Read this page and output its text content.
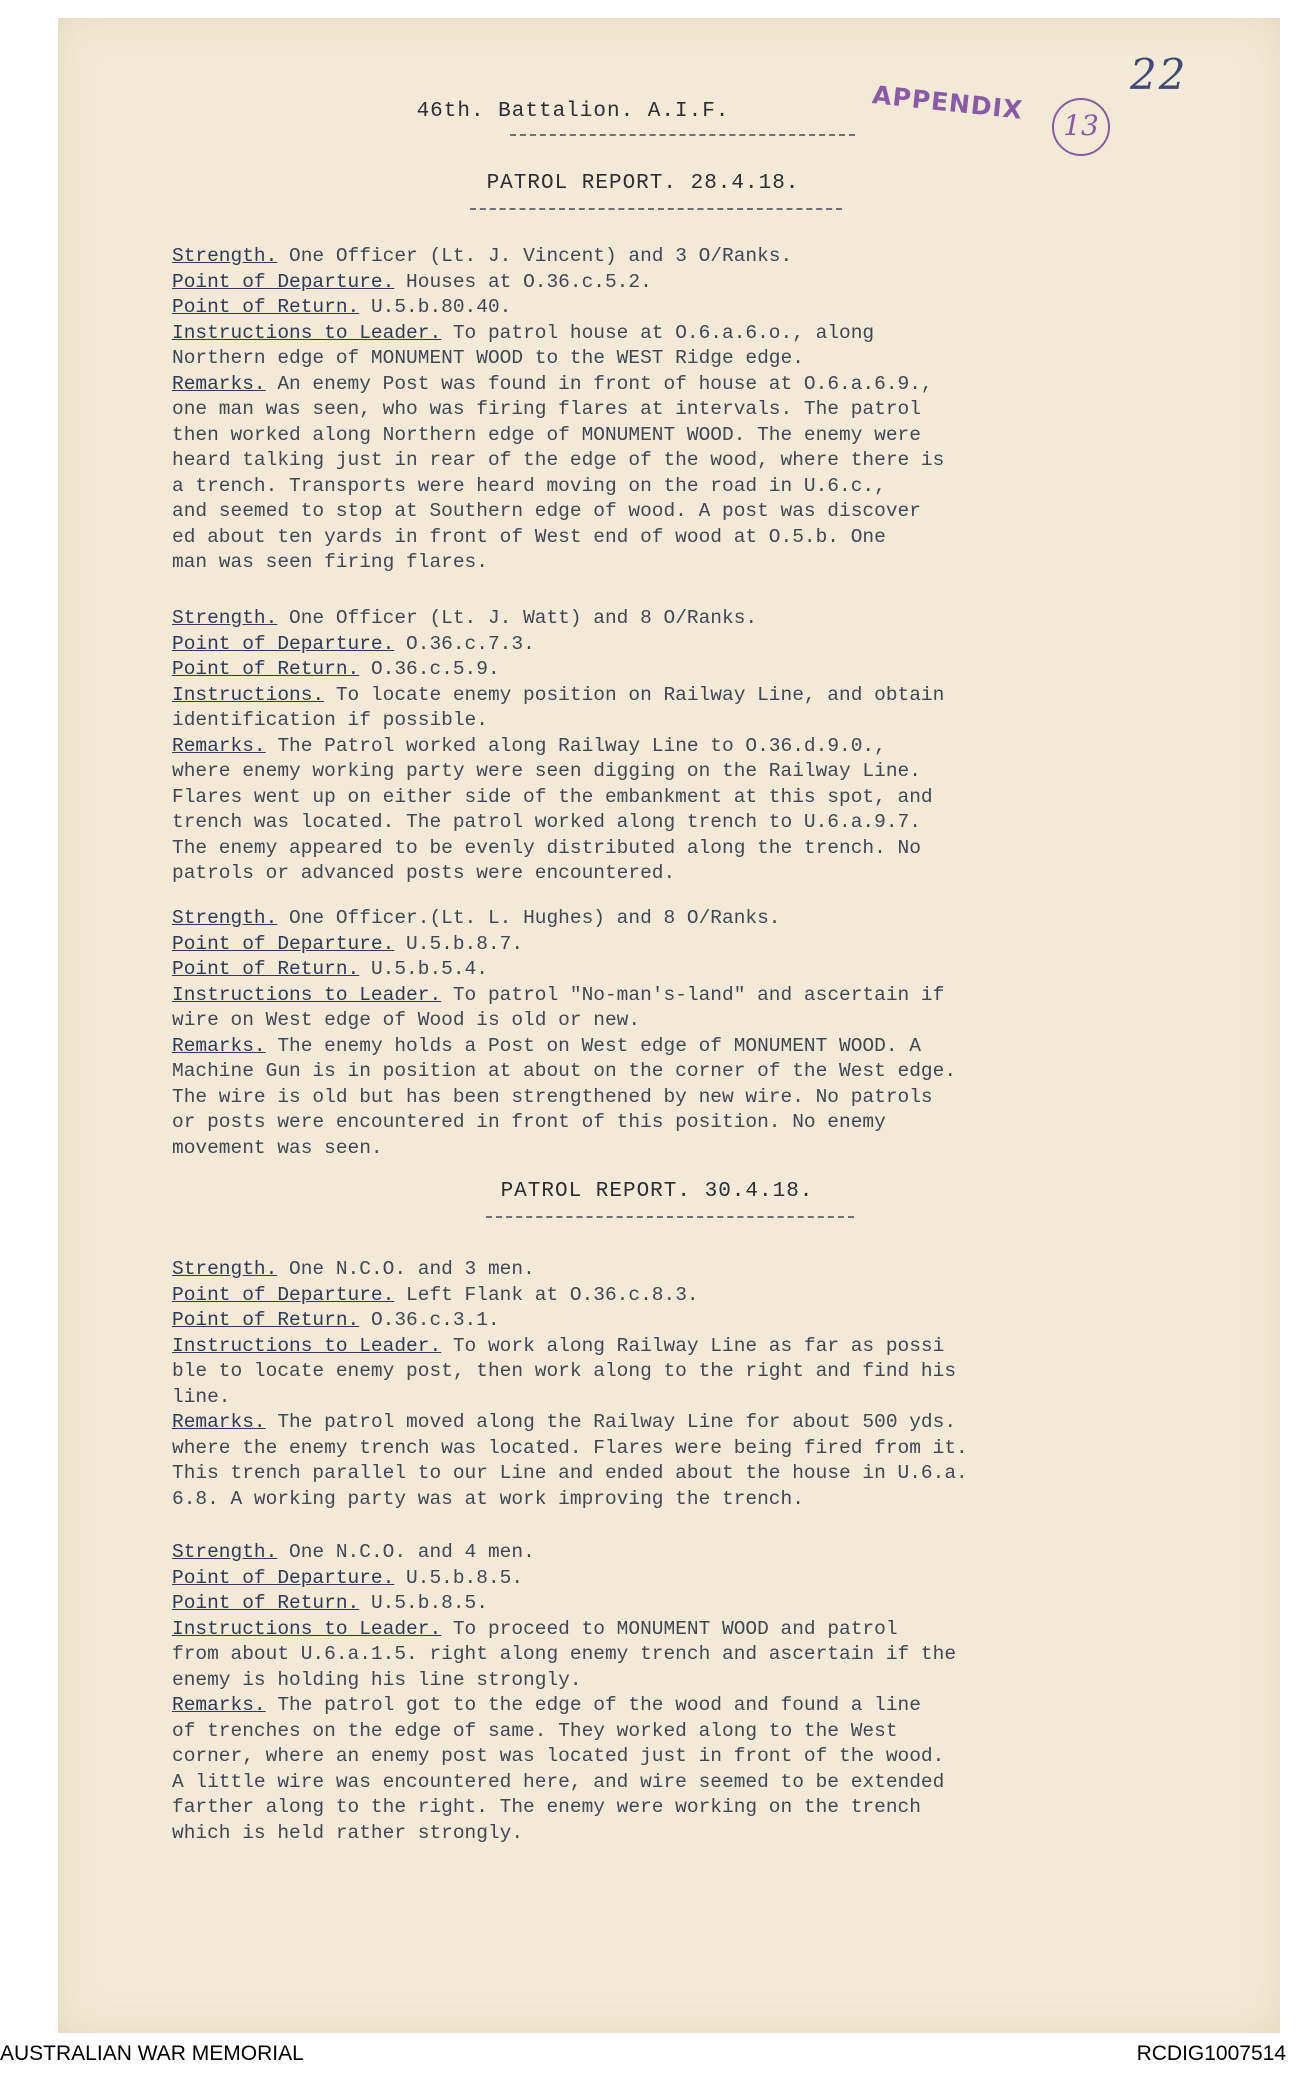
22
46th. Battalion. A.I.F.	APPENDIX
13
PATROL REPORT. 28.4.18.

Strength. One Officer (Lt. J. Vincent) and 3 O/Ranks.

Point of Departure. Houses at O.36.c.5.2.

Point of Return. U.5.b.80.40.

Instructions to Leader. To patrol house at O.6.a.6.o., along

Northern edge of MONUMENT WOOD to the WEST Ridge edge.

Remarks. An enemy Post was found in front of house at O.6.a.6.9.,

one man was seen, who was firing flares at intervals. The patrol

then worked along Northern edge of MONUMENT WOOD. The enemy were

heard talking just in rear of the edge of the wood, where there is

a trench. Transports were heard moving on the road in U.6.c.,

and seemed to stop at Southern edge of wood. A post was discover

ed about ten yards in front of West end of wood at O.5.b. One

man was seen firing flares.

Strength. One Officer (Lt. J. Watt) and 8 O/Ranks.

Point of Departure. O.36.c.7.3.

Point of Return. O.36.c.5.9.

Instructions. To locate enemy position on Railway Line, and obtain

identification if possible.

Remarks. The Patrol worked along Railway Line to O.36.d.9.0.,

where enemy working party were seen digging on the Railway Line.

Flares went up on either side of the embankment at this spot, and

trench was located. The patrol worked along trench to U.6.a.9.7.

The enemy appeared to be evenly distributed along the trench. No

patrols or advanced posts were encountered.

Strength. One Officer.(Lt. L. Hughes) and 8 O/Ranks.

Point of Departure. U.5.b.8.7.

Point of Return. U.5.b.5.4.

Instructions to Leader. To patrol "No-man's-land" and ascertain if

wire on West edge of Wood is old or new.

Remarks. The enemy holds a Post on West edge of MONUMENT WOOD. A

Machine Gun is in position at about on the corner of the West edge.

The wire is old but has been strengthened by new wire. No patrols

or posts were encountered in front of this position. No enemy

movement was seen.

PATROL REPORT. 30.4.18.

Strength. One N.C.O. and 3 men.

Point of Departure. Left Flank at O.36.c.8.3.

Point of Return. O.36.c.3.1.

Instructions to Leader. To work along Railway Line as far as possi

ble to locate enemy post, then work along to the right and find his

line.

Remarks. The patrol moved along the Railway Line for about 500 yds.

where the enemy trench was located. Flares were being fired from it.

This trench parallel to our Line and ended about the house in U.6.a.

6.8. A working party was at work improving the trench.

Strength. One N.C.O. and 4 men.

Point of Departure. U.5.b.8.5.

Point of Return. U.5.b.8.5.

Instructions to Leader. To proceed to MONUMENT WOOD and patrol

from about U.6.a.1.5. right along enemy trench and ascertain if the

enemy is holding his line strongly.

Remarks. The patrol got to the edge of the wood and found a line

of trenches on the edge of same. They worked along to the West

corner, where an enemy post was located just in front of the wood.

A little wire was encountered here, and wire seemed to be extended

farther along to the right. The enemy were working on the trench

which is held rather strongly.

AUSTRALIAN WAR MEMORIAL	RCDIG1007514
